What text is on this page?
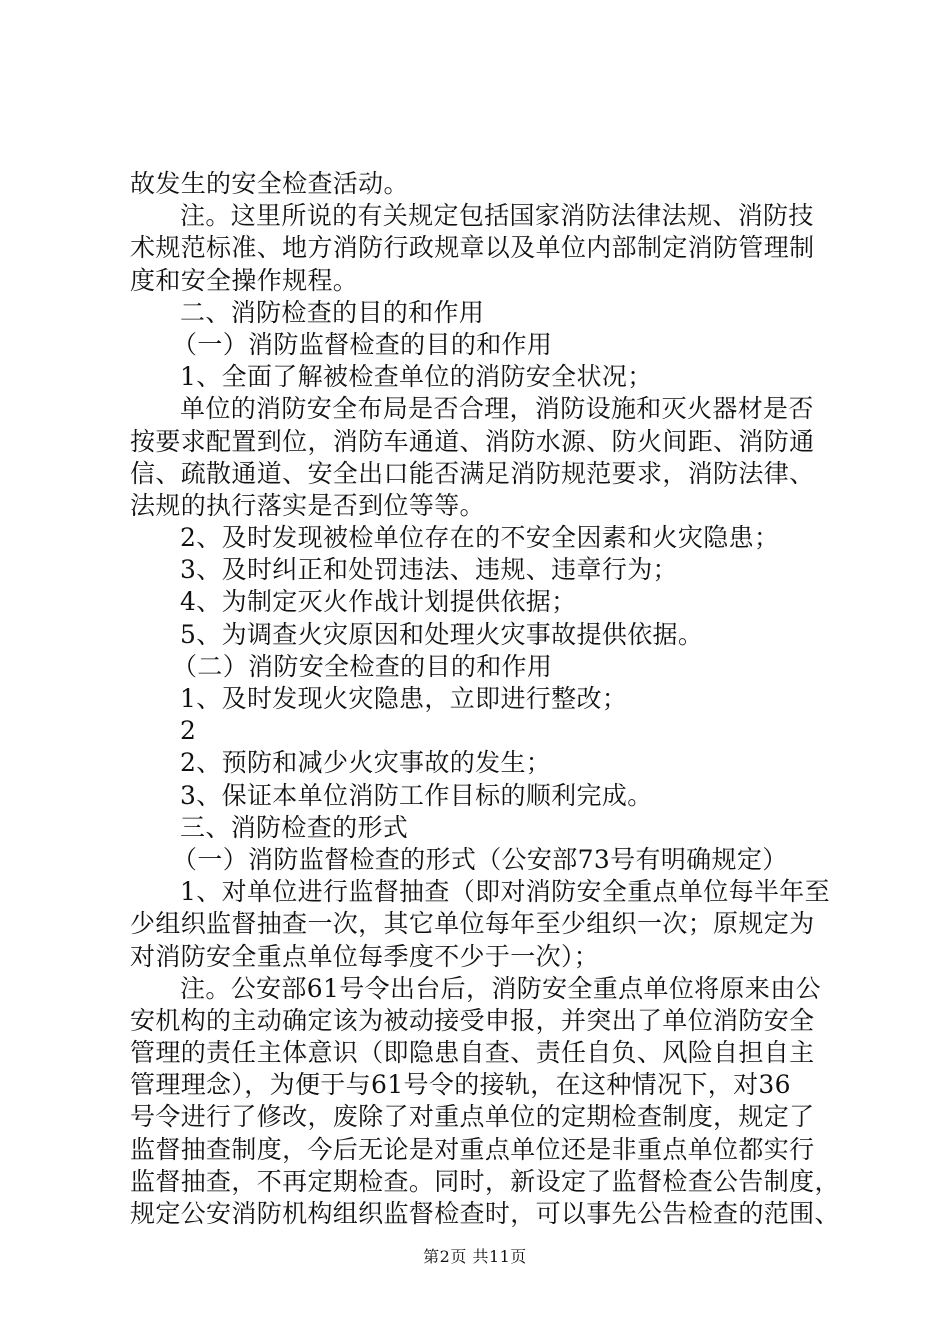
故发生的安全检查活动。
注。这里所说的有关规定包括国家消防法律法规、消防技
术规范标准、地方消防行政规章以及单位内部制定消防管理制
度和安全操作规程。
二、消防检查的目的和作用
（一）消防监督检查的目的和作用
1、全面了解被检查单位的消防安全状况；
单位的消防安全布局是否合理，消防设施和灭火器材是否
按要求配置到位，消防车通道、消防水源、防火间距、消防通
信、疏散通道、安全出口能否满足消防规范要求，消防法律、
法规的执行落实是否到位等等。
2、及时发现被检单位存在的不安全因素和火灾隐患；
3、及时纠正和处罚违法、违规、违章行为；
4、为制定灭火作战计划提供依据；
5、为调查火灾原因和处理火灾事故提供依据。
（二）消防安全检查的目的和作用
1、及时发现火灾隐患，立即进行整改；
2
2、预防和减少火灾事故的发生；
3、保证本单位消防工作目标的顺利完成。
三、消防检查的形式
（一）消防监督检查的形式（公安部73号有明确规定）
1、对单位进行监督抽查（即对消防安全重点单位每半年至
少组织监督抽查一次，其它单位每年至少组织一次；原规定为
对消防安全重点单位每季度不少于一次）；
注。公安部61号令出台后，消防安全重点单位将原来由公
安机构的主动确定该为被动接受申报，并突出了单位消防安全
管理的责任主体意识（即隐患自查、责任自负、风险自担自主
管理理念），为便于与61号令的接轨，在这种情况下，对36
号令进行了修改，废除了对重点单位的定期检查制度，规定了
监督抽查制度，今后无论是对重点单位还是非重点单位都实行
监督抽查，不再定期检查。同时，新设定了监督检查公告制度，
规定公安消防机构组织监督检查时，可以事先公告检查的范围、
第2页 共11页
